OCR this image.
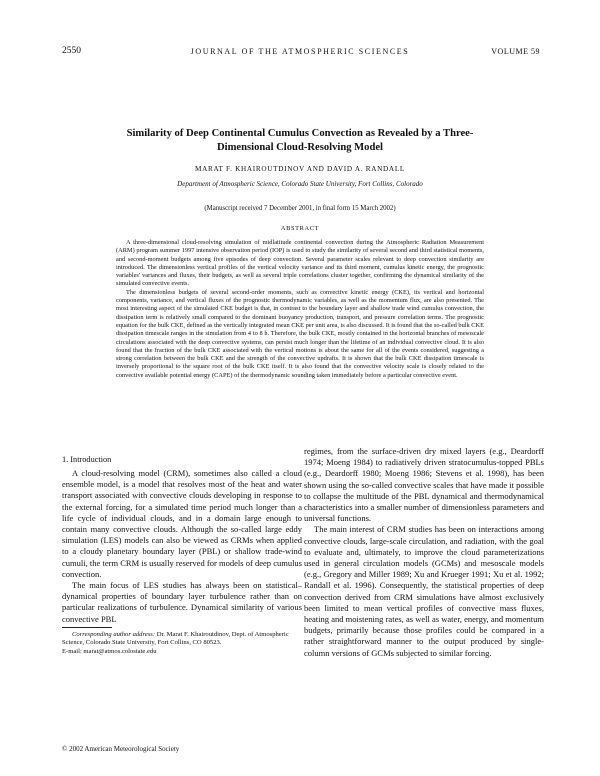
2550	JOURNAL OF THE ATMOSPHERIC SCIENCES	VOLUME 59
Similarity of Deep Continental Cumulus Convection as Revealed by a Three-
Dimensional Cloud-Resolving Model
MARAT F. KHAIROUTDINOV AND DAVID A. RANDALL
Department of Atmospheric Science, Colorado State University, Fort Collins, Colorado
(Manuscript received 7 December 2001, in final form 15 March 2002)
ABSTRACT

A three-dimensional cloud-resolving simulation of midlatitude continental convection during the Atmospheric Radiation Measurement (ARM) program summer 1997 intensive observation period (IOP) is used to study the similarity of several second and third statistical moments, and second-moment budgets among five episodes of deep convection. Several parameter scales relevant to deep convection similarity are introduced. The dimensionless vertical profiles of the vertical velocity variance and its third moment, cumulus kinetic energy, the prognostic variables' variances and fluxes, their budgets, as well as several triple correlations cluster together, confirming the dynamical similarity of the simulated convective events.

The dimensionless budgets of several second-order moments, such as convective kinetic energy (CKE), its vertical and horizontal components, variance, and vertical fluxes of the prognostic thermodynamic variables, as well as the momentum flux, are also presented. The most interesting aspect of the simulated CKE budget is that, in contrast to the boundary layer and shallow trade wind cumulus convection, the dissipation term is relatively small compared to the dominant buoyancy production, transport, and pressure correlation terms. The prognostic equation for the bulk CKE, defined as the vertically integrated mean CKE per unit area, is also discussed. It is found that the so-called bulk CKE dissipation timescale ranges in the simulation from 4 to 8 h. Therefore, the bulk CKE, mostly contained in the horizontal branches of mesoscale circulations associated with the deep convective systems, can persist much longer than the lifetime of an individual convective cloud. It is also found that the fraction of the bulk CKE associated with the vertical motions is about the same for all of the events considered, suggesting a strong correlation between the bulk CKE and the strength of the convective updrafts. It is shown that the bulk CKE dissipation timescale is inversely proportional to the square root of the bulk CKE itself. It is also found that the convective velocity scale is closely related to the convective available potential energy (CAPE) of the thermodynamic sounding taken immediately before a particular convective event.

1. Introduction

A cloud-resolving model (CRM), sometimes also called a cloud ensemble model, is a model that resolves most of the heat and water transport associated with convective clouds developing in response to the external forcing, for a simulated time period much longer than a life cycle of individual clouds, and in a domain large enough to contain many convective clouds. Although the so-called large eddy simulation (LES) models can also be viewed as CRMs when applied to a cloudy planetary boundary layer (PBL) or shallow trade-wind cumuli, the term CRM is usually reserved for models of deep cumulus convection.

The main focus of LES studies has always been on statistical–dynamical properties of boundary layer turbulence rather than on particular realizations of turbulence. Dynamical similarity of various convective PBL

regimes, from the surface-driven dry mixed layers (e.g., Deardorff 1974; Moeng 1984) to radiatively driven stratocumulus-topped PBLs (e.g., Deardorff 1980; Moeng 1986; Stevens et al. 1998), has been shown using the so-called convective scales that have made it possible to collapse the multitude of the PBL dynamical and thermodynamical characteristics into a smaller number of dimensionless parameters and universal functions.

The main interest of CRM studies has been on interactions among convective clouds, large-scale circulation, and radiation, with the goal to evaluate and, ultimately, to improve the cloud parameterizations used in general circulation models (GCMs) and mesoscale models (e.g., Gregory and Miller 1989; Xu and Krueger 1991; Xu et al. 1992; Randall et al. 1996). Consequently, the statistical properties of deep convection derived from CRM simulations have almost exclusively been limited to mean vertical profiles of convective mass fluxes, heating and moistening rates, as well as water, energy, and momentum budgets, primarily because those profiles could be compared in a rather straightforward manner to the output produced by single-column versions of GCMs subjected to similar forcing.

Corresponding author address: Dr. Marat F. Khairoutdinov, Dept. of Atmospheric Science, Colorado State University, Fort Collins, CO 80523.

E-mail: marat@atmos.colostate.edu
© 2002 American Meteorological Society
